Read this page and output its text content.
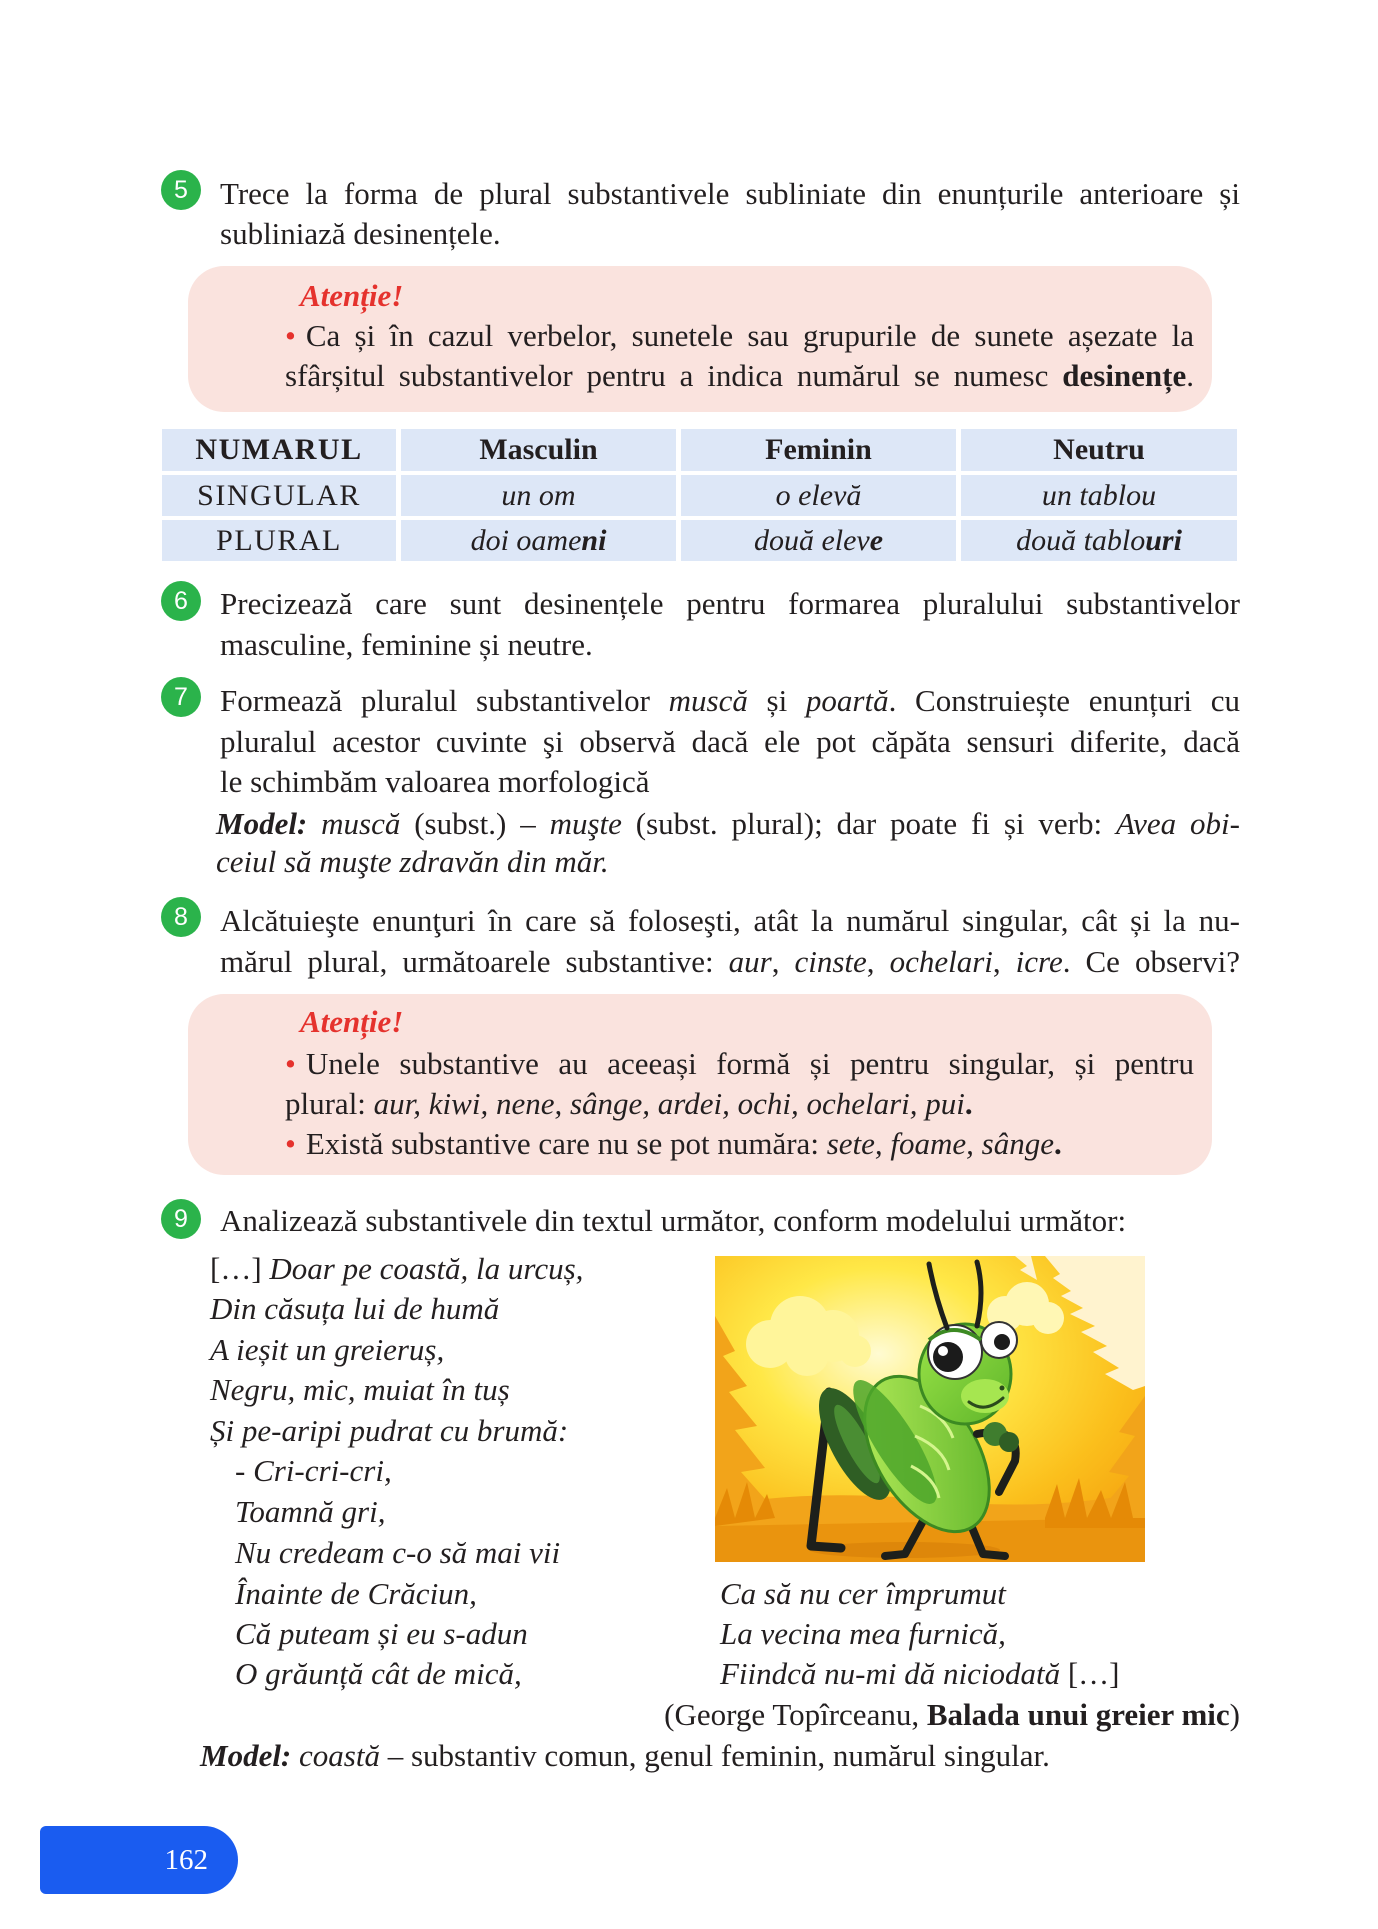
5	Trece la forma de plural substantivele subliniate din enunțurile anterioare și
subliniază desinențele.
Atenție!
• Ca și în cazul verbelor, sunetele sau grupurile de sunete așezate la
sfârșitul substantivelor pentru a indica numărul se numesc desinențe.
NUMARUL	Masculin	Feminin	Neutru
SINGULAR	un om	o elevă	un tablou
PLURAL	doi oameni	două eleve	două tablouri
6	Precizează care sunt desinențele pentru formarea pluralului substantivelor
masculine, feminine și neutre.
7	Formează pluralul substantivelor muscă și poartă. Construiește enunțuri cu
pluralul acestor cuvinte şi observă dacă ele pot căpăta sensuri diferite, dacă
le schimbăm valoarea morfologică
Model: muscă (subst.) – muşte (subst. plural); dar poate fi și verb: Avea obi-
ceiul să muşte zdravăn din măr.
8	Alcătuieşte enunţuri în care să foloseşti, atât la numărul singular, cât și la nu-
mărul plural, următoarele substantive: aur, cinste, ochelari, icre. Ce observi?
Atenție!
• Unele substantive au aceeași formă și pentru singular, și pentru
plural: aur, kiwi, nene, sânge, ardei, ochi, ochelari, pui.
• Există substantive care nu se pot număra: sete, foame, sânge.
9	Analizează substantivele din textul următor, conform modelului următor:
[…] Doar pe coastă, la urcuș,
Din căsuța lui de humă
A ieșit un greieruș,
Negru, mic, muiat în tuș
Și pe-aripi pudrat cu brumă:
- Cri-cri-cri,
Toamnă gri,
Nu credeam c-o să mai vii
Înainte de Crăciun,
Că puteam și eu s-adun
O grăunță cât de mică,
Ca să nu cer împrumut
La vecina mea furnică,
Fiindcă nu-mi dă niciodată […]
(George Topîrceanu, Balada unui greier mic)
Model: coastă – substantiv comun, genul feminin, numărul singular.
162
